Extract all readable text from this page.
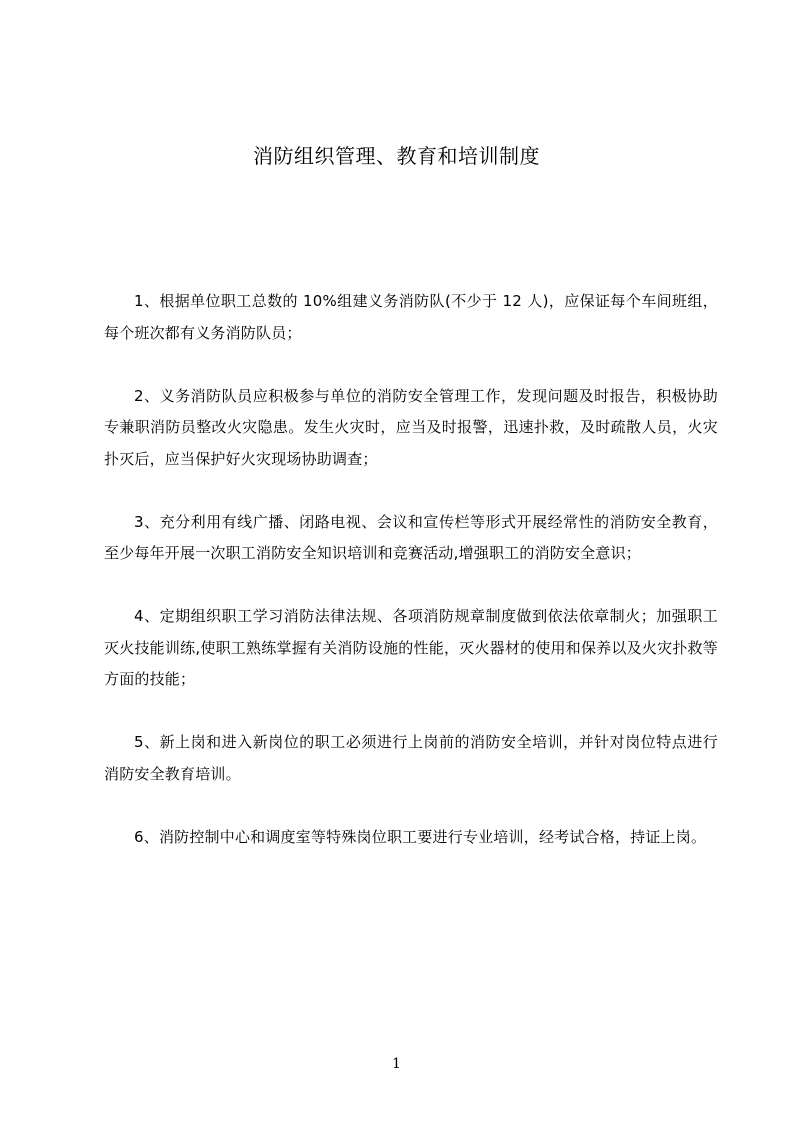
消防组织管理、教育和培训制度

1、根据单位职工总数的 10%组建义务消防队(不少于 12 人)，应保证每个车间班组，每个班次都有义务消防队员；

2、义务消防队员应积极参与单位的消防安全管理工作，发现问题及时报告，积极协助专兼职消防员整改火灾隐患。发生火灾时，应当及时报警，迅速扑救，及时疏散人员，火灾扑灭后，应当保护好火灾现场协助调查；

3、充分利用有线广播、闭路电视、会议和宣传栏等形式开展经常性的消防安全教育，至少每年开展一次职工消防安全知识培训和竞赛活动,增强职工的消防安全意识；

4、定期组织职工学习消防法律法规、各项消防规章制度做到依法依章制火；加强职工灭火技能训练,使职工熟练掌握有关消防设施的性能，灭火器材的使用和保养以及火灾扑救等方面的技能；

5、新上岗和进入新岗位的职工必须进行上岗前的消防安全培训，并针对岗位特点进行消防安全教育培训。

6、消防控制中心和调度室等特殊岗位职工要进行专业培训，经考试合格，持证上岗。

1
